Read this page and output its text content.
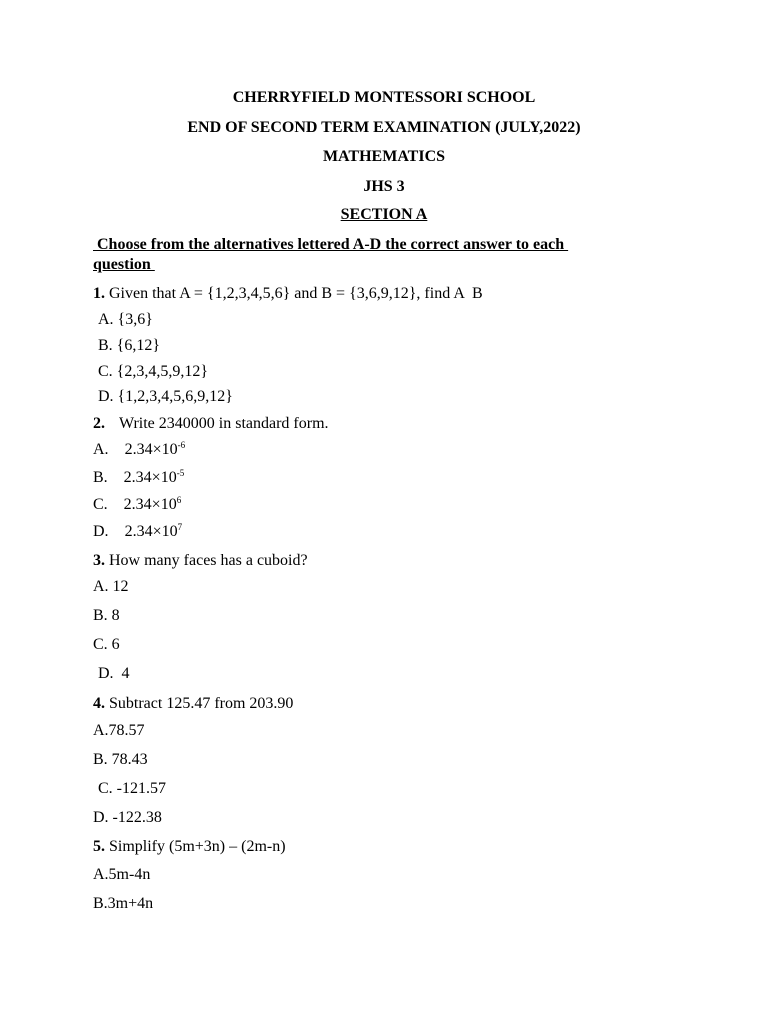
CHERRYFIELD MONTESSORI SCHOOL
END OF SECOND TERM EXAMINATION (JULY,2022)
MATHEMATICS
JHS 3
SECTION A
Choose from the alternatives lettered A-D the correct answer to each
question
1. Given that A = {1,2,3,4,5,6} and B = {3,6,9,12}, find A  B
A. {3,6}
B. {6,12}
C. {2,3,4,5,9,12}
D. {1,2,3,4,5,6,9,12}
2. Write 2340000 in standard form.
A. $2.34\times 10^{-6}$
B. $2.34\times 10^{-5}$
C. $2.34\times 10^6$
D. $2.34\times 10^7$
3. How many faces has a cuboid?
A. 12
B. 8
C. 6
D.  4
4. Subtract 125.47 from 203.90
A.78.57
B. 78.43
C. -121.57
D. -122.38
5. Simplify (5m+3n) – (2m-n)
A.5m-4n
B.3m+4n
